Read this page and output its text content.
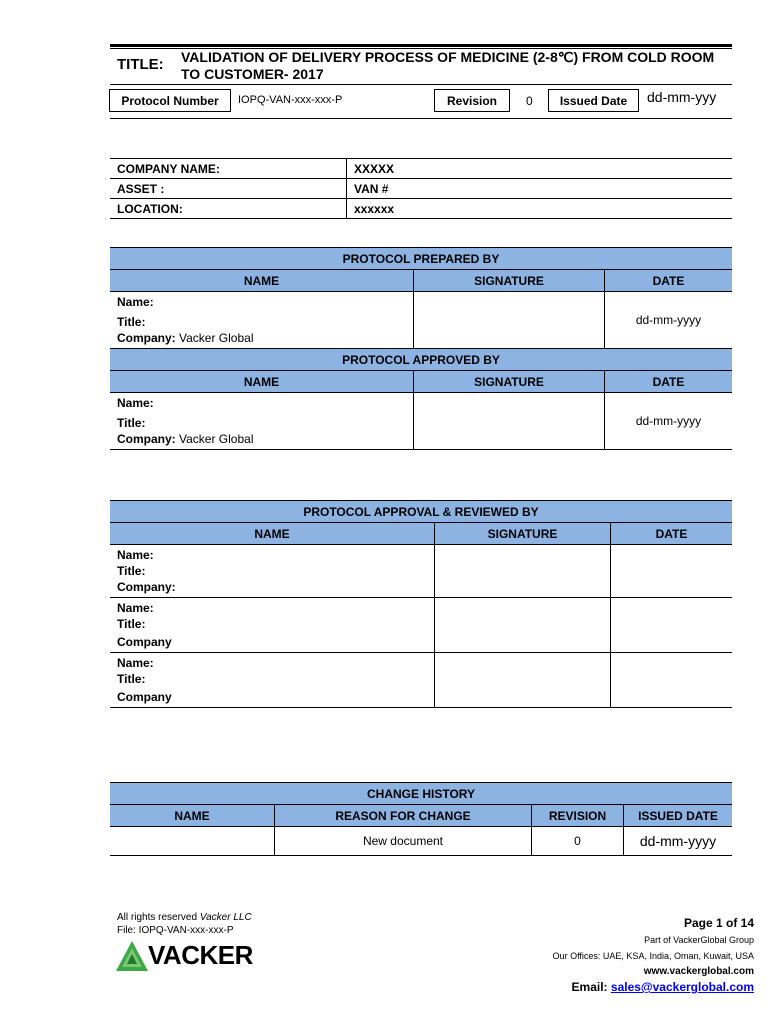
TITLE: VALIDATION OF DELIVERY PROCESS OF MEDICINE (2-8℃) FROM COLD ROOM TO CUSTOMER- 2017
Protocol Number	IOPQ-VAN-xxx-xxx-P	Revision	0	Issued Date	dd-mm-yyy
COMPANY NAME:	XXXXX
ASSET :	VAN #
LOCATION:	xxxxxx
PROTOCOL PREPARED BY		
NAME	SIGNATURE	DATE

Name:
Title:
Company: Vacker Global		dd-mm-yyyy
PROTOCOL APPROVED BY		
NAME	SIGNATURE	DATE

Name:
Title:
Company: Vacker Global		dd-mm-yyyy
PROTOCOL APPROVAL & REVIEWED BY		
NAME	SIGNATURE	DATE

Name:
Title:
Company:		

Name:
Title:
Company		

Name:
Title:
Company		

CHANGE HISTORY			
NAME	REASON FOR CHANGE	REVISION	ISSUED DATE
	New document	0	dd-mm-yyyy
All rights reserved Vacker LLC
File: IOPQ-VAN-xxx-xxx-P
VACKER
Page 1 of 14
Part of VackerGlobal Group
Our Offices: UAE, KSA, India, Oman, Kuwait, USA
www.vackerglobal.com
Email: sales@vackerglobal.com
